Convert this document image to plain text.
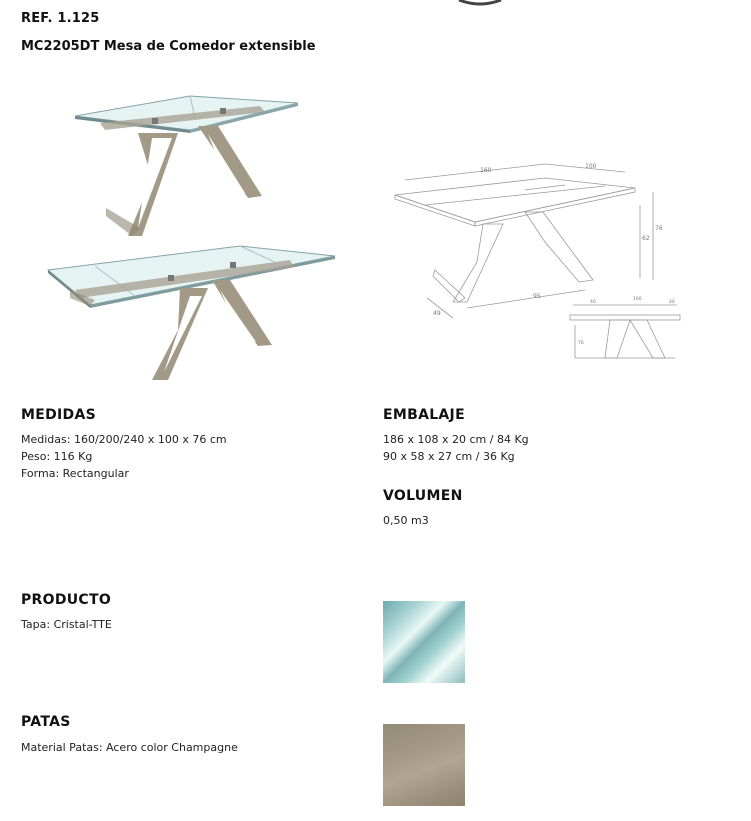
REF. 1.125
MC2205DT Mesa de Comedor extensible
160
100
76
62
95
49
40
160
40
76
MEDIDAS
Medidas: 160/200/240 x 100 x 76 cm
Peso: 116 Kg
Forma: Rectangular
EMBALAJE
186 x 108 x 20 cm / 84 Kg
90 x 58 x 27 cm / 36 Kg
VOLUMEN
0,50 m3
PRODUCTO
Tapa: Cristal-TTE
PATAS
Material Patas: Acero color Champagne
